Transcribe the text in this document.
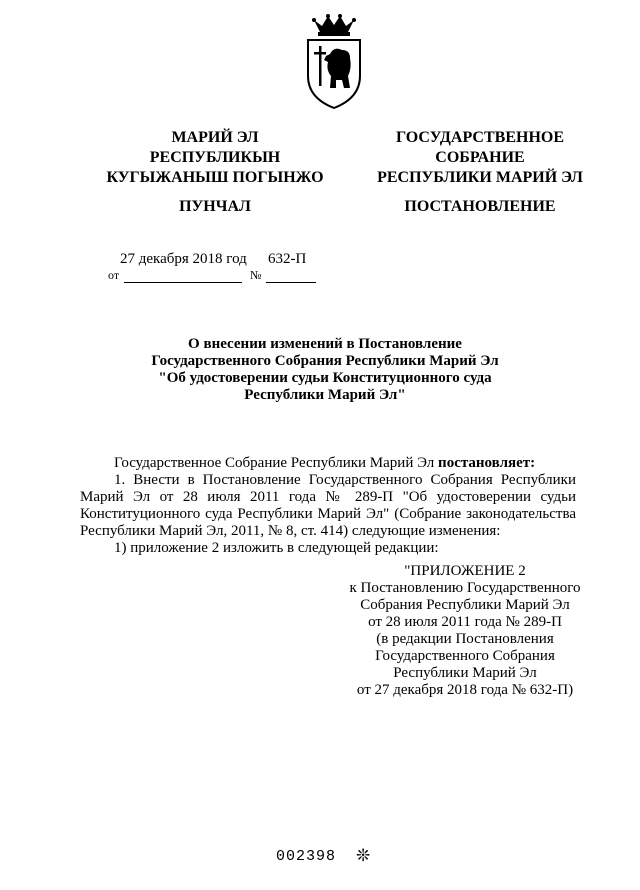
МАРИЙ ЭЛ
РЕСПУБЛИКЫН
КУГЫЖАНЫШ ПОГЫНЖО
ГОСУДАРСТВЕННОЕ
СОБРАНИЕ
РЕСПУБЛИКИ МАРИЙ ЭЛ
ПУНЧАЛ	ПОСТАНОВЛЕНИЕ
27 декабря 2018 год 632-П
от	№
О внесении изменений в Постановление
Государственного Собрания Республики Марий Эл
"Об удостоверении судьи Конституционного суда
Республики Марий Эл"
Государственное Собрание Республики Марий Эл постановляет:
1. Внести в Постановление Государственного Собрания Республики
Марий Эл от 28 июля 2011 года № 289-П "Об удостоверении судьи
Конституционного суда Республики Марий Эл" (Собрание законодательства
Республики Марий Эл, 2011, № 8, ст. 414) следующие изменения:
1) приложение 2 изложить в следующей редакции:
"ПРИЛОЖЕНИЕ 2
к Постановлению Государственного
Собрания Республики Марий Эл
от 28 июля 2011 года № 289-П
(в редакции Постановления
Государственного Собрания
Республики Марий Эл
от 27 декабря 2018 года № 632-П)
002398 ❊
